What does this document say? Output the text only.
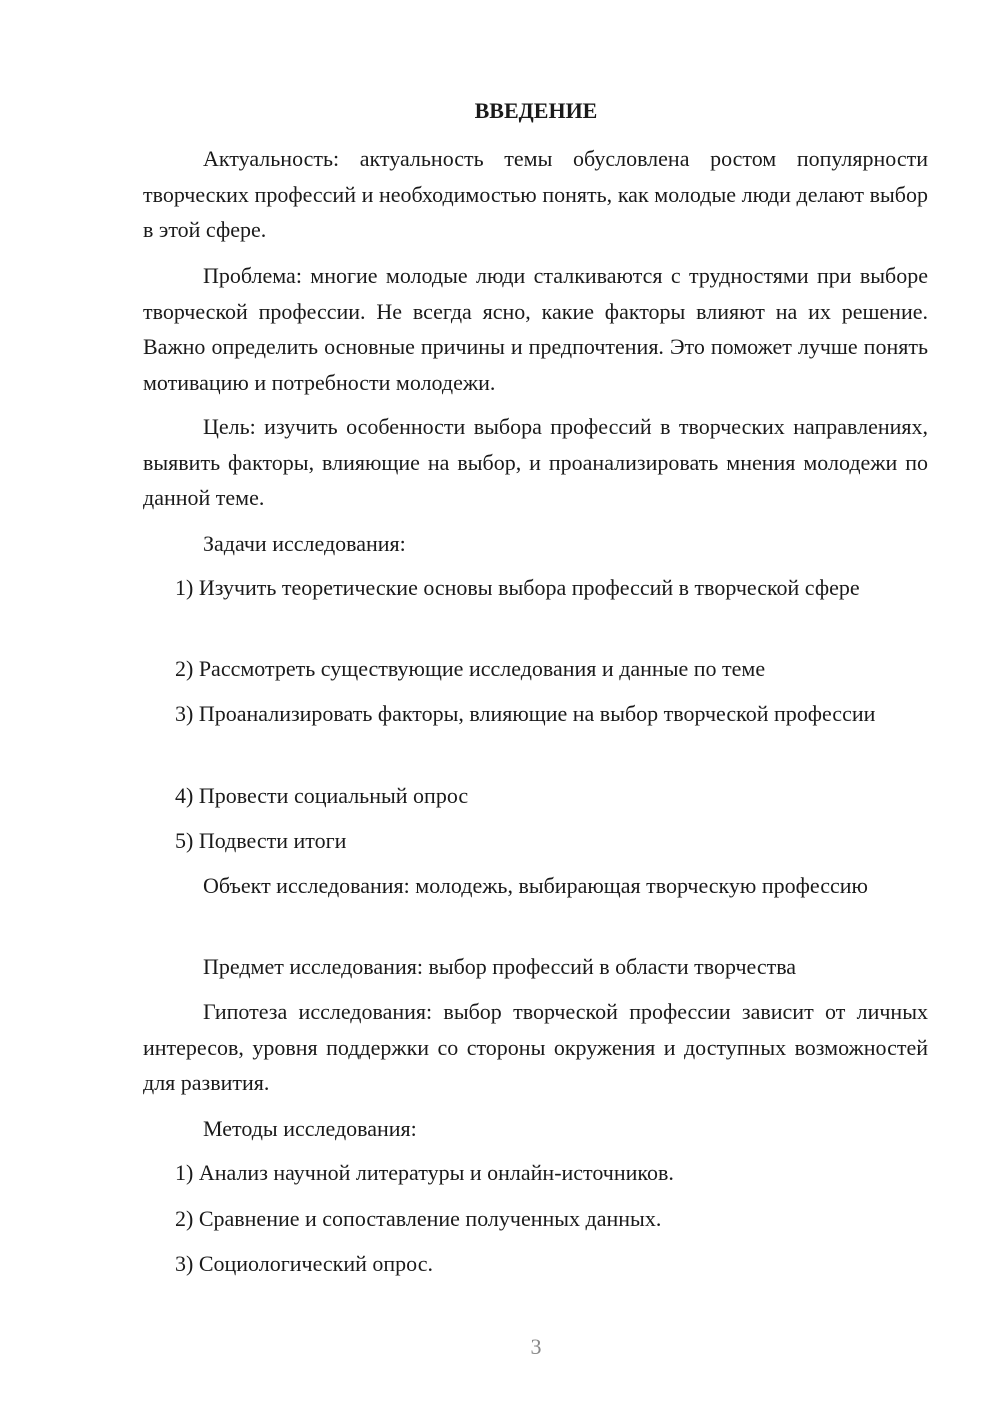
ВВЕДЕНИЕ
Актуальность: актуальность темы обусловлена ростом популярности творческих профессий и необходимостью понять, как молодые люди делают выбор в этой сфере.
Проблема: многие молодые люди сталкиваются с трудностями при выборе творческой профессии. Не всегда ясно, какие факторы влияют на их решение. Важно определить основные причины и предпочтения. Это поможет лучше понять мотивацию и потребности молодежи.
Цель: изучить особенности выбора профессий в творческих направлениях, выявить факторы, влияющие на выбор, и проанализировать мнения молодежи по данной теме.
Задачи исследования:
1) Изучить теоретические основы выбора профессий в творческой сфере
2) Рассмотреть существующие исследования и данные по теме
3) Проанализировать факторы, влияющие на выбор творческой профессии
4) Провести социальный опрос
5) Подвести итоги
Объект исследования: молодежь, выбирающая творческую профессию
Предмет исследования: выбор профессий в области творчества
Гипотеза исследования: выбор творческой профессии зависит от личных интересов, уровня поддержки со стороны окружения и доступных возможностей для развития.
Методы исследования:
1) Анализ научной литературы и онлайн-источников.
2) Сравнение и сопоставление полученных данных.
3) Социологический опрос.
3
